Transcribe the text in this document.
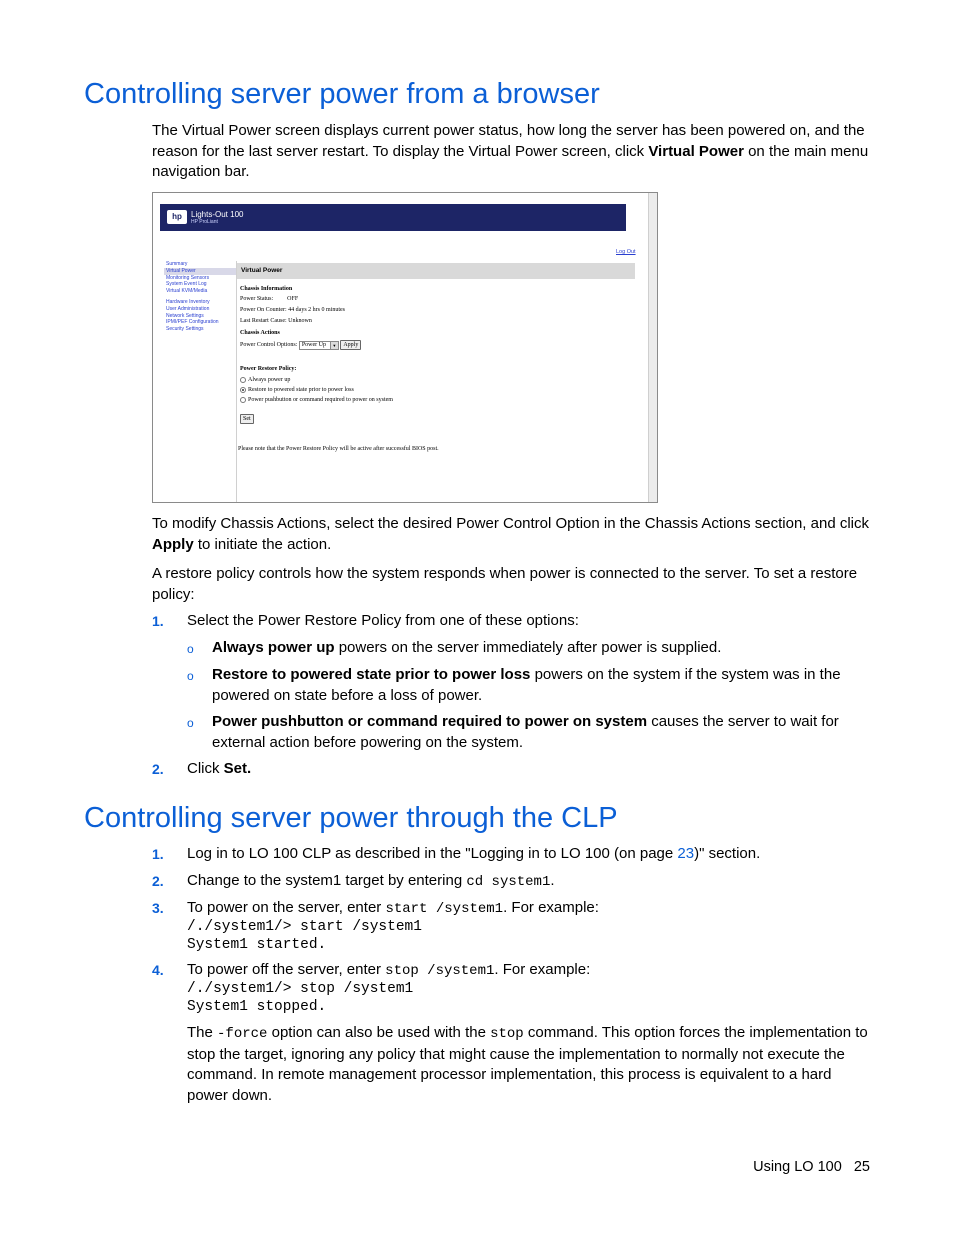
Controlling server power from a browser

The Virtual Power screen displays current power status, how long the server has been powered on, and the reason for the last server restart. To display the Virtual Power screen, click Virtual Power on the main menu navigation bar.

hp	Lights-Out 100
HP ProLiant
Log Out
Summary
Virtual Power
Monitoring Sensors
System Event Log
Virtual KVM/Media
Hardware Inventory
User Administration
Network Settings
IPMI/PEF Configuration
Security Settings
Virtual Power
Chassis Information
Power Status: OFF
Power On Counter: 44 days 2 hrs 0 minutes
Last Restart Cause: Unknown
Chassis Actions
Power Control Options: Power Up	▼ Apply
Power Restore Policy:
Always power up
Restore to powered state prior to power loss
Power pushbutton or command required to power on system
Set
Please note that the Power Restore Policy will be active after successful BIOS post.

To modify Chassis Actions, select the desired Power Control Option in the Chassis Actions section, and click Apply to initiate the action.

A restore policy controls how the system responds when power is connected to the server. To set a restore policy:

1. Select the Power Restore Policy from one of these options:

o Always power up powers on the server immediately after power is supplied.

o Restore to powered state prior to power loss powers on the system if the system was in the powered on state before a loss of power.

o Power pushbutton or command required to power on system causes the server to wait for external action before powering on the system.

2. Click Set.

Controlling server power through the CLP
1. Log in to LO 100 CLP as described in the "Logging in to LO 100 (on page 23)" section.

2. Change to the system1 target by entering cd system1.

3. To power on the server, enter start /system1. For example:

/./system1/> start /system1
System1 started.
4. To power off the server, enter stop /system1. For example:

/./system1/> stop /system1
System1 stopped.

The -force option can also be used with the stop command. This option forces the implementation to stop the target, ignoring any policy that might cause the implementation to normally not execute the command. In remote management processor implementation, this process is equivalent to a hard power down.

Using LO 100 25
